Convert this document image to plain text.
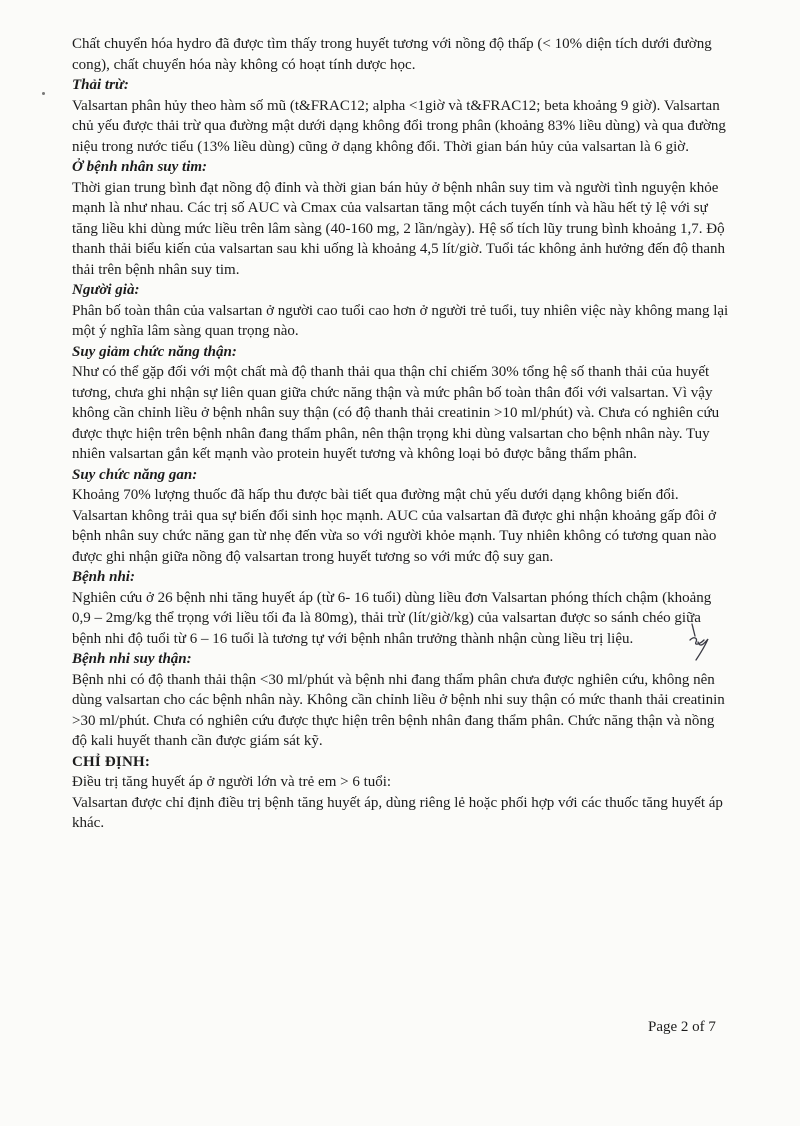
Chất chuyển hóa hydro đã được tìm thấy trong huyết tương với nồng độ thấp (< 10% diện tích dưới đường cong), chất chuyển hóa này không có hoạt tính dược học.

Thải trừ:

Valsartan phân hủy theo hàm số mũ (t&FRAC12; alpha <1giờ và t&FRAC12; beta khoảng 9 giờ). Valsartan chủ yếu được thải trừ qua đường mật dưới dạng không đổi trong phân (khoảng 83% liều dùng) và qua đường niệu trong nước tiểu (13% liều dùng) cũng ở dạng không đổi. Thời gian bán hủy của valsartan là 6 giờ.

Ở bệnh nhân suy tim:

Thời gian trung bình đạt nồng độ đỉnh và thời gian bán hủy ở bệnh nhân suy tim và người tình nguyện khỏe mạnh là như nhau. Các trị số AUC và Cmax của valsartan tăng một cách tuyến tính và hầu hết tỷ lệ với sự tăng liều khi dùng mức liều trên lâm sàng (40-160 mg, 2 lần/ngày). Hệ số tích lũy trung bình khoảng 1,7. Độ thanh thải biểu kiến của valsartan sau khi uống là khoảng 4,5 lít/giờ. Tuổi tác không ảnh hưởng đến độ thanh thải trên bệnh nhân suy tim.

Người già:

Phân bố toàn thân của valsartan ở người cao tuổi cao hơn ở người trẻ tuổi, tuy nhiên việc này không mang lại một ý nghĩa lâm sàng quan trọng nào.

Suy giảm chức năng thận:

Như có thể gặp đối với một chất mà độ thanh thải qua thận chỉ chiếm 30% tổng hệ số thanh thải của huyết tương, chưa ghi nhận sự liên quan giữa chức năng thận và mức phân bố toàn thân đối với valsartan. Vì vậy không cần chỉnh liều ở bệnh nhân suy thận (có độ thanh thải creatinin >10 ml/phút) và. Chưa có nghiên cứu được thực hiện trên bệnh nhân đang thẩm phân, nên thận trọng khi dùng valsartan cho bệnh nhân này. Tuy nhiên valsartan gắn kết mạnh vào protein huyết tương và không loại bỏ được bằng thẩm phân.

Suy chức năng gan:

Khoảng 70% lượng thuốc đã hấp thu được bài tiết qua đường mật chủ yếu dưới dạng không biến đổi. Valsartan không trải qua sự biến đổi sinh học mạnh. AUC của valsartan đã được ghi nhận khoảng gấp đôi ở bệnh nhân suy chức năng gan từ nhẹ đến vừa so với người khỏe mạnh. Tuy nhiên không có tương quan nào được ghi nhận giữa nồng độ valsartan trong huyết tương so với mức độ suy gan.

Bệnh nhi:

Nghiên cứu ở 26 bệnh nhi tăng huyết áp (từ 6- 16 tuổi) dùng liều đơn Valsartan phóng thích chậm (khoảng 0,9 – 2mg/kg thể trọng với liều tối đa là 80mg), thải trừ (lít/giờ/kg) của valsartan được so sánh chéo giữa bệnh nhi độ tuổi từ 6 – 16 tuổi là tương tự với bệnh nhân trưởng thành nhận cùng liều trị liệu.

Bệnh nhi suy thận:

Bệnh nhi có độ thanh thải thận <30 ml/phút và bệnh nhi đang thẩm phân chưa được nghiên cứu, không nên dùng valsartan cho các bệnh nhân này. Không cần chỉnh liều ở bệnh nhi suy thận có mức thanh thải creatinin >30 ml/phút. Chưa có nghiên cứu được thực hiện trên bệnh nhân đang thẩm phân. Chức năng thận và nồng độ kali huyết thanh cần được giám sát kỹ.

CHỈ ĐỊNH:

Điều trị tăng huyết áp ở người lớn và trẻ em > 6 tuổi:

Valsartan được chỉ định điều trị bệnh tăng huyết áp, dùng riêng lẻ hoặc phối hợp với các thuốc tăng huyết áp khác.

Page 2 of 7
